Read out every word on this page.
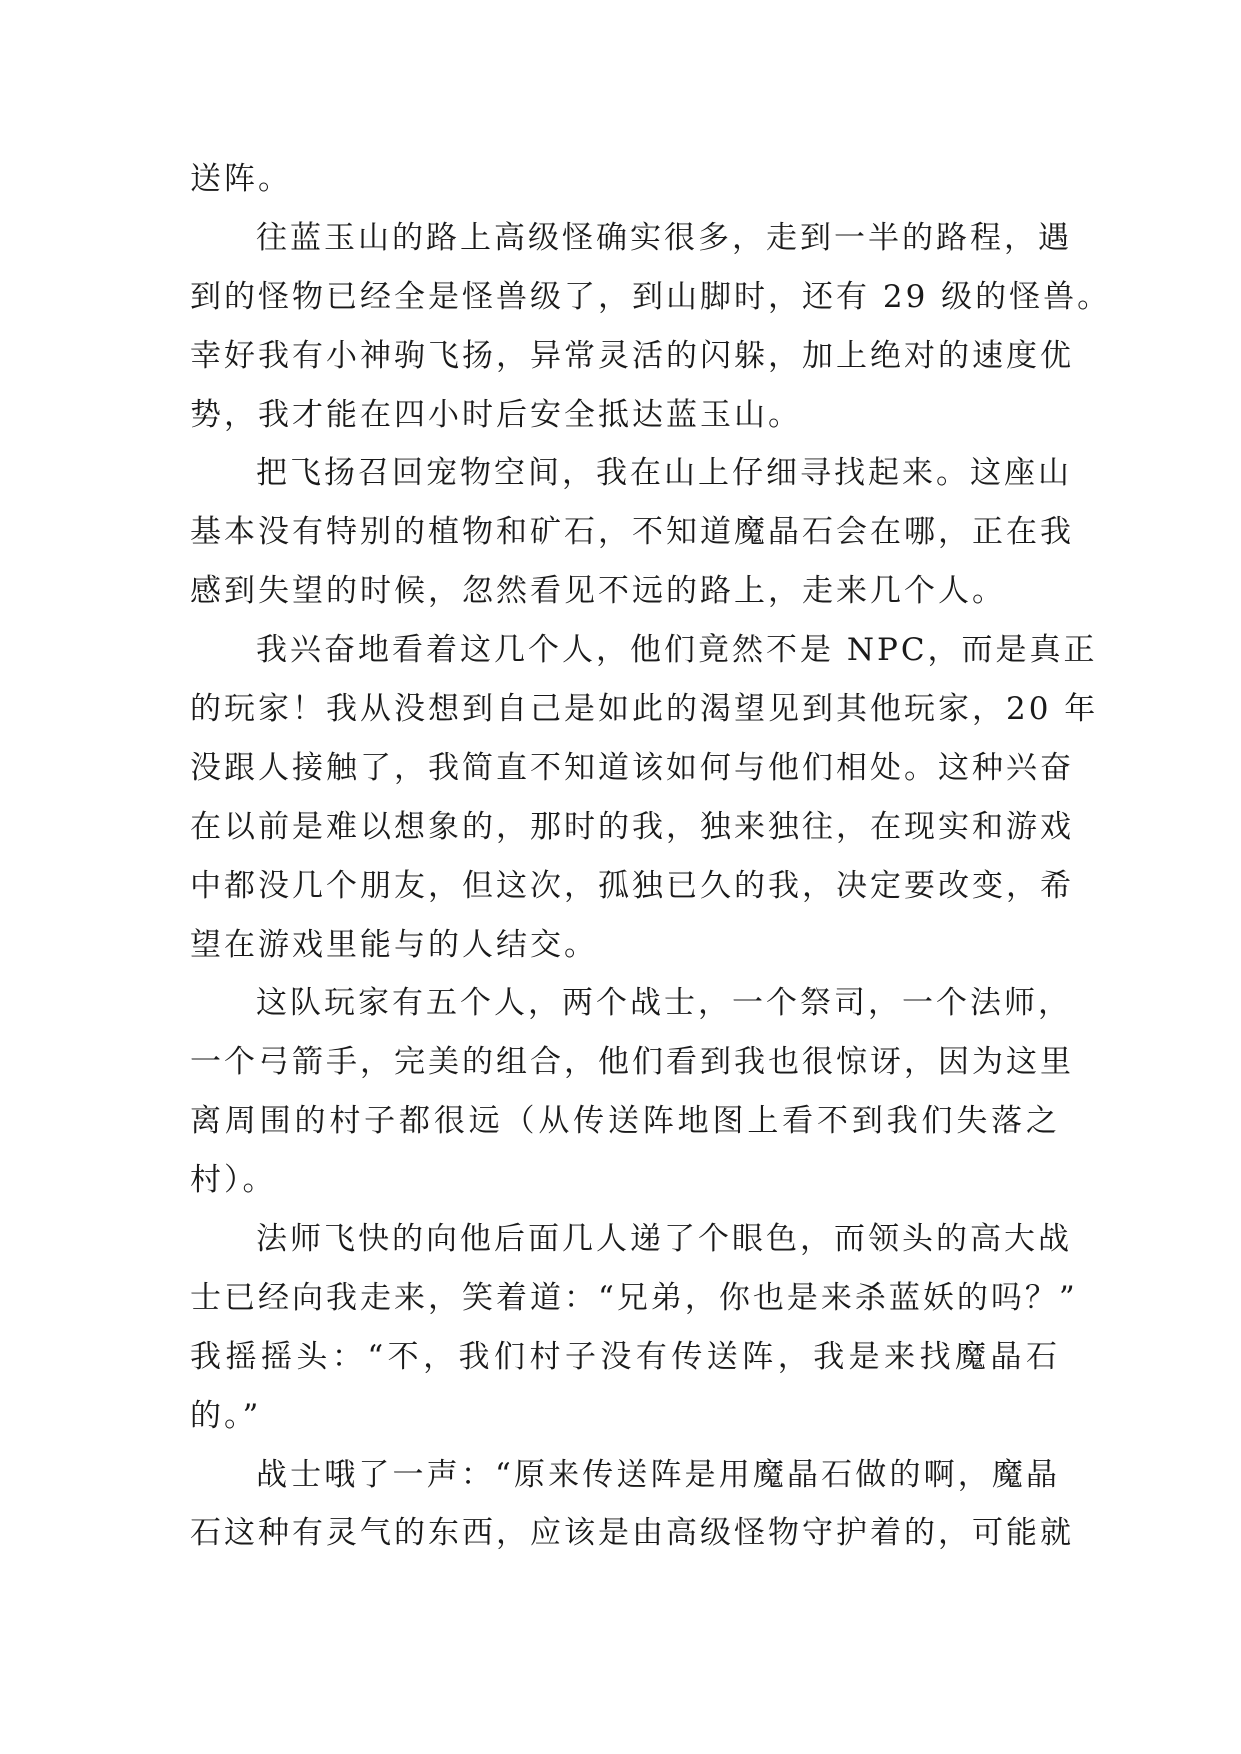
送阵。
往蓝玉山的路上高级怪确实很多，走到一半的路程，遇
到的怪物已经全是怪兽级了，到山脚时，还有 29 级的怪兽。
幸好我有小神驹飞扬，异常灵活的闪躲，加上绝对的速度优
势，我才能在四小时后安全抵达蓝玉山。
把飞扬召回宠物空间，我在山上仔细寻找起来。这座山
基本没有特别的植物和矿石，不知道魔晶石会在哪，正在我
感到失望的时候，忽然看见不远的路上，走来几个人。
我兴奋地看着这几个人，他们竟然不是 NPC，而是真正
的玩家！我从没想到自己是如此的渴望见到其他玩家，20 年
没跟人接触了，我简直不知道该如何与他们相处。这种兴奋
在以前是难以想象的，那时的我，独来独往，在现实和游戏
中都没几个朋友，但这次，孤独已久的我，决定要改变，希
望在游戏里能与的人结交。
这队玩家有五个人，两个战士，一个祭司，一个法师，
一个弓箭手，完美的组合，他们看到我也很惊讶，因为这里
离周围的村子都很远（从传送阵地图上看不到我们失落之
村）。
法师飞快的向他后面几人递了个眼色，而领头的高大战
士已经向我走来，笑着道：“兄弟，你也是来杀蓝妖的吗？”
我摇摇头：“不，我们村子没有传送阵，我是来找魔晶石
的。”
战士哦了一声：“原来传送阵是用魔晶石做的啊，魔晶
石这种有灵气的东西，应该是由高级怪物守护着的，可能就
